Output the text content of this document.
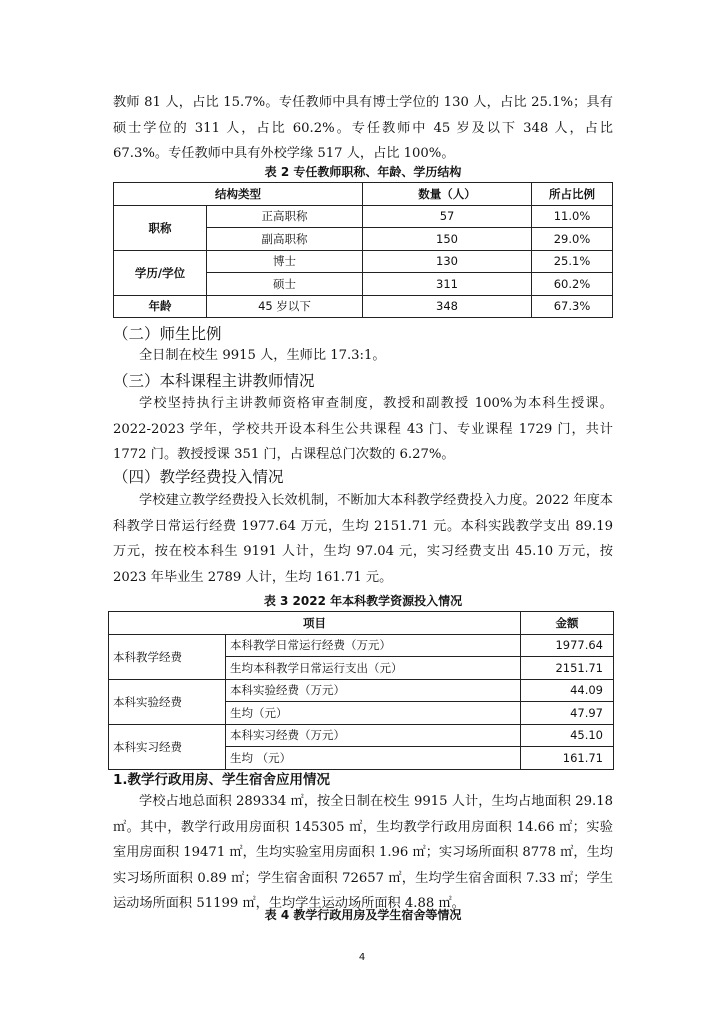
教师 81 人，占比 15.7%。专任教师中具有博士学位的 130 人，占比 25.1%；具有硕士学位的 311 人，占比 60.2%。专任教师中 45 岁及以下 348 人，占比 67.3%。专任教师中具有外校学缘 517 人，占比 100%。

表 2 专任教师职称、年龄、学历结构

结构类型		数量（人）	所占比例
职称	正高职称	57	11.0%
	副高职称	150	29.0%
学历/学位	博士	130	25.1%
	硕士	311	60.2%
年龄	45 岁以下	348	67.3%
（二）师生比例

全日制在校生 9915 人，生师比 17.3:1。

（三）本科课程主讲教师情况

学校坚持执行主讲教师资格审查制度，教授和副教授 100%为本科生授课。2022-2023 学年，学校共开设本科生公共课程 43 门、专业课程 1729 门，共计 1772 门。教授授课 351 门，占课程总门次数的 6.27%。

（四）教学经费投入情况

学校建立教学经费投入长效机制，不断加大本科教学经费投入力度。2022 年度本科教学日常运行经费 1977.64 万元，生均 2151.71 元。本科实践教学支出 89.19 万元，按在校本科生 9191 人计，生均 97.04 元，实习经费支出 45.10 万元，按 2023 年毕业生 2789 人计，生均 161.71 元。

表 3 2022 年本科教学资源投入情况

项目		金额
本科教学经费	本科教学日常运行经费（万元）	1977.64
	生均本科教学日常运行支出（元）	2151.71
本科实验经费	本科实验经费（万元）	44.09
	生均（元）	47.97
本科实习经费	本科实习经费（万元）	45.10
	生均 （元）	161.71
1.教学行政用房、学生宿舍应用情况

学校占地总面积 289334 ㎡，按全日制在校生 9915 人计，生均占地面积 29.18 ㎡。其中，教学行政用房面积 145305 ㎡，生均教学行政用房面积 14.66 ㎡；实验室用房面积 19471 ㎡，生均实验室用房面积 1.96 ㎡；实习场所面积 8778 ㎡，生均实习场所面积 0.89 ㎡；学生宿舍面积 72657 ㎡，生均学生宿舍面积 7.33 ㎡；学生运动场所面积 51199 ㎡，生均学生运动场所面积 4.88 ㎡。

表 4 教学行政用房及学生宿舍等情况

4
